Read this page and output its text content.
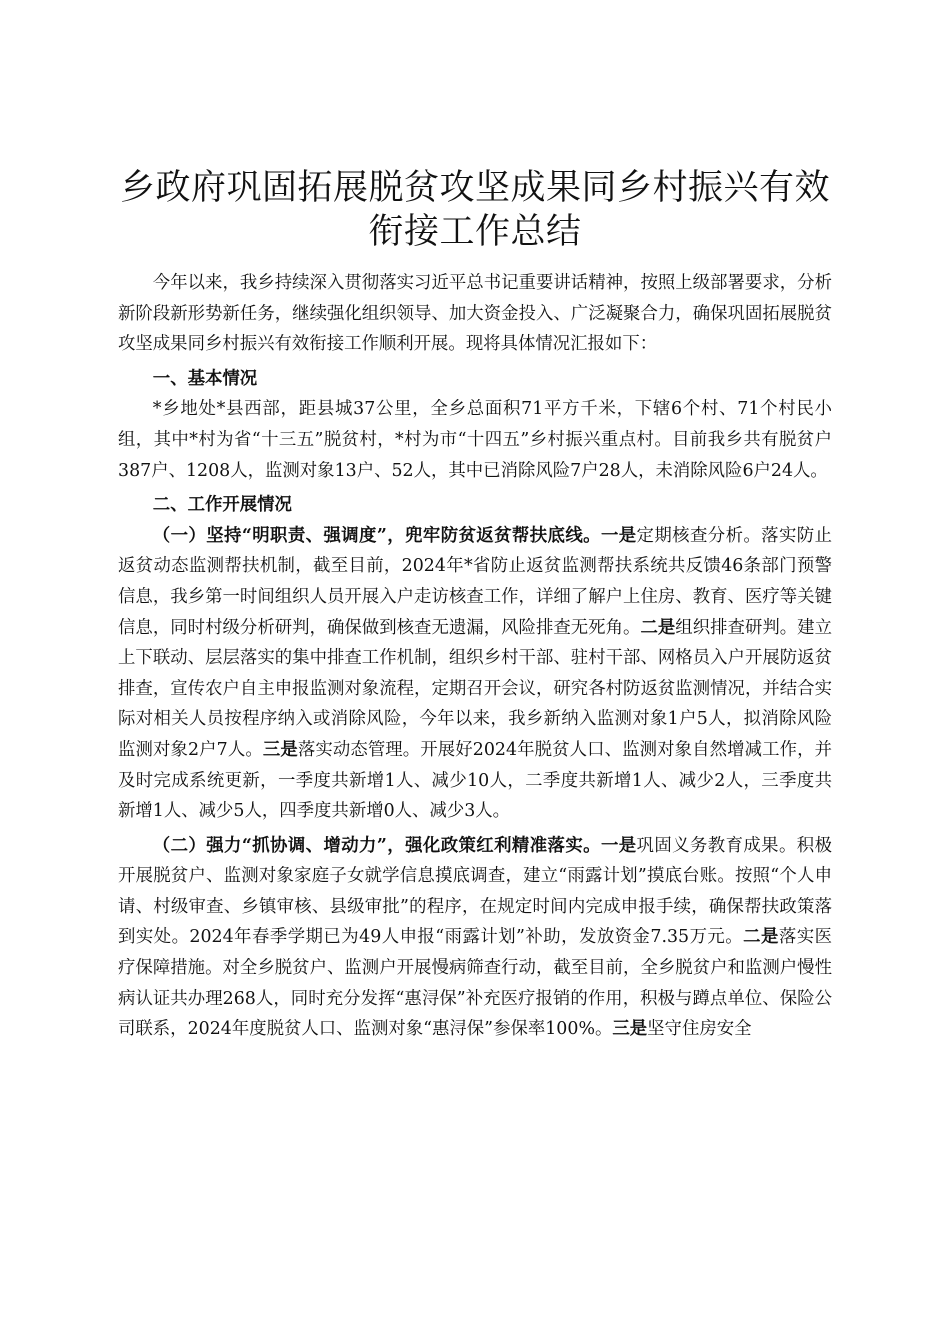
乡政府巩固拓展脱贫攻坚成果同乡村振兴有效衔接工作总结

今年以来，我乡持续深入贯彻落实习近平总书记重要讲话精神，按照上级部署要求，分析新阶段新形势新任务，继续强化组织领导、加大资金投入、广泛凝聚合力，确保巩固拓展脱贫攻坚成果同乡村振兴有效衔接工作顺利开展。现将具体情况汇报如下：

一、基本情况

*乡地处*县西部，距县城37公里，全乡总面积71平方千米，下辖6个村、71个村民小组，其中*村为省“十三五”脱贫村，*村为市“十四五”乡村振兴重点村。目前我乡共有脱贫户387户、1208人，监测对象13户、52人，其中已消除风险7户28人，未消除风险6户24人。

二、工作开展情况

（一）坚持“明职责、强调度”，兜牢防贫返贫帮扶底线。一是定期核查分析。落实防止返贫动态监测帮扶机制，截至目前，2024年*省防止返贫监测帮扶系统共反馈46条部门预警信息，我乡第一时间组织人员开展入户走访核查工作，详细了解户上住房、教育、医疗等关键信息，同时村级分析研判，确保做到核查无遗漏，风险排查无死角。二是组织排查研判。建立上下联动、层层落实的集中排查工作机制，组织乡村干部、驻村干部、网格员入户开展防返贫排查，宣传农户自主申报监测对象流程，定期召开会议，研究各村防返贫监测情况，并结合实际对相关人员按程序纳入或消除风险，今年以来，我乡新纳入监测对象1户5人，拟消除风险监测对象2户7人。三是落实动态管理。开展好2024年脱贫人口、监测对象自然增减工作，并及时完成系统更新，一季度共新增1人、减少10人，二季度共新增1人、减少2人，三季度共新增1人、减少5人，四季度共新增0人、减少3人。

（二）强力“抓协调、增动力”，强化政策红利精准落实。一是巩固义务教育成果。积极开展脱贫户、监测对象家庭子女就学信息摸底调查，建立“雨露计划”摸底台账。按照“个人申请、村级审查、乡镇审核、县级审批”的程序，在规定时间内完成申报手续，确保帮扶政策落到实处。2024年春季学期已为49人申报“雨露计划”补助，发放资金7.35万元。二是落实医疗保障措施。对全乡脱贫户、监测户开展慢病筛查行动，截至目前，全乡脱贫户和监测户慢性病认证共办理268人，同时充分发挥“惠浔保”补充医疗报销的作用，积极与蹲点单位、保险公司联系，2024年度脱贫人口、监测对象“惠浔保”参保率100%。三是坚守住房安全
